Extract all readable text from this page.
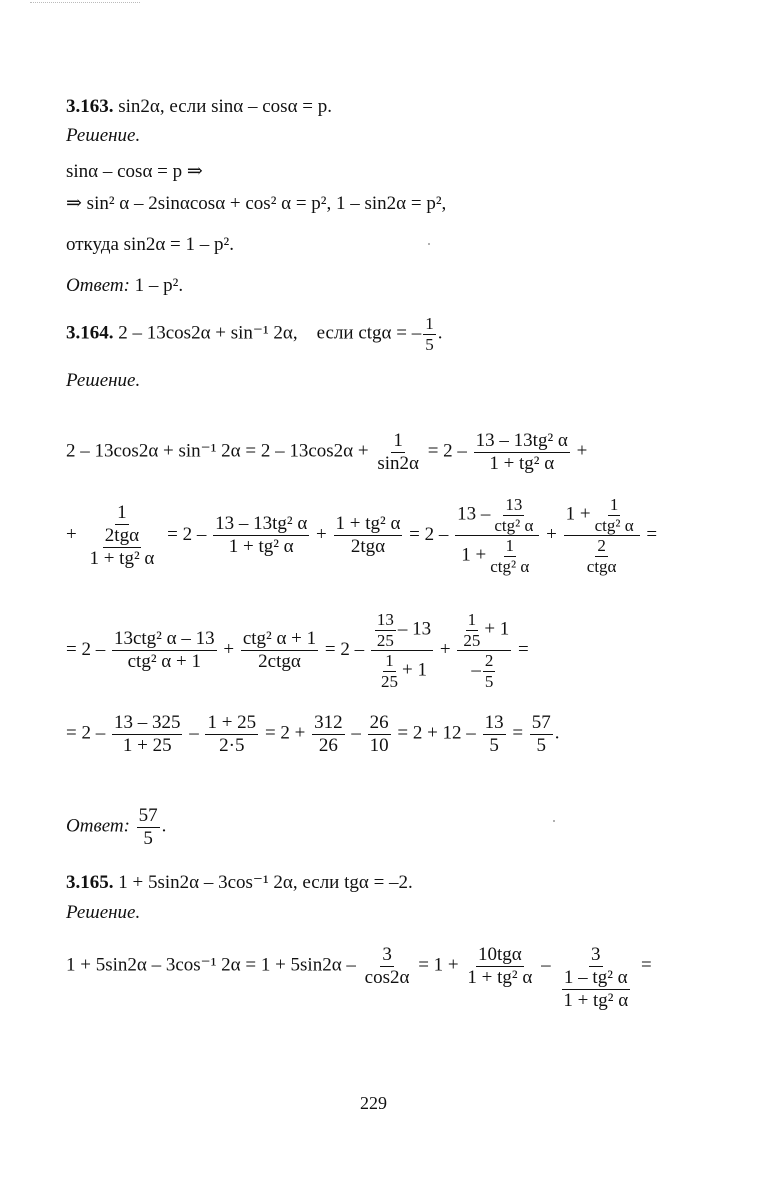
3.163. sin2α, если sinα – cosα = p.
Решение.
sinα – cosα = p ⇒
⇒ sin² α – 2sinαcosα + cos² α = p², 1 – sin2α = p²,
откуда sin2α = 1 – p².
Ответ: 1 – p².
3.164. 2 – 13cos2α + sin⁻¹ 2α, если ctgα = – $\frac{1}{5}$ .
Решение.
2 – 13cos2α + sin⁻¹ $2\alpha = 2 - 13\cos 2\alpha + \frac{1}{\sin 2\alpha} = 2 - \frac{\text{13 – 13tg² α}}{\text{1 + tg² α}}$ +
+ $\frac{1}{\frac{\text{2tgα}}{\text{1 + tg² α}}} = 2 - \frac{\text{13 – 13tg² α}}{\text{1 + tg² α}} + \frac{\text{1 + tg² α}}{\text{2tgα}} = 2 - \frac{13 - \frac{13}{\text{ctg² α}}}{1 + \frac{1}{\text{ctg² α}}} + \frac{1 + \frac{1}{\text{ctg² α}}}{\frac{2}{\text{ctgα}}}$ =
= $2 - \frac{\text{13ctg² α – 13}}{\text{ctg² α + 1}} + \frac{\text{ctg² α + 1}}{\text{2ctgα}} = 2 - \frac{\frac{13}{25} - 13}{\frac{1}{25} + 1} + \frac{\frac{1}{25} + 1}{- \frac{2}{5}}$ =
= $2 - \frac{13 - 325}{1 + 25} - \frac{1 + 25}{2\cdot 5} = 2 + \frac{312}{26} - \frac{26}{10} = 2 + 12 - \frac{13}{5} = \frac{57}{5}$ .
Ответ: $\frac{57}{5}$ .
3.165. 1 + 5sin2α – 3cos⁻¹ 2α, если tgα = –2.
Решение.
1 + 5sin2α – 3cos⁻¹ $2\alpha = 1 + 5\sin 2\alpha - \frac{3}{\cos 2\alpha} = 1 + \frac{\text{10tgα}}{\text{1 + tg² α}} - \frac{3}{\frac{\text{1 – tg² α}}{\text{1 + tg² α}}}$ =
229
